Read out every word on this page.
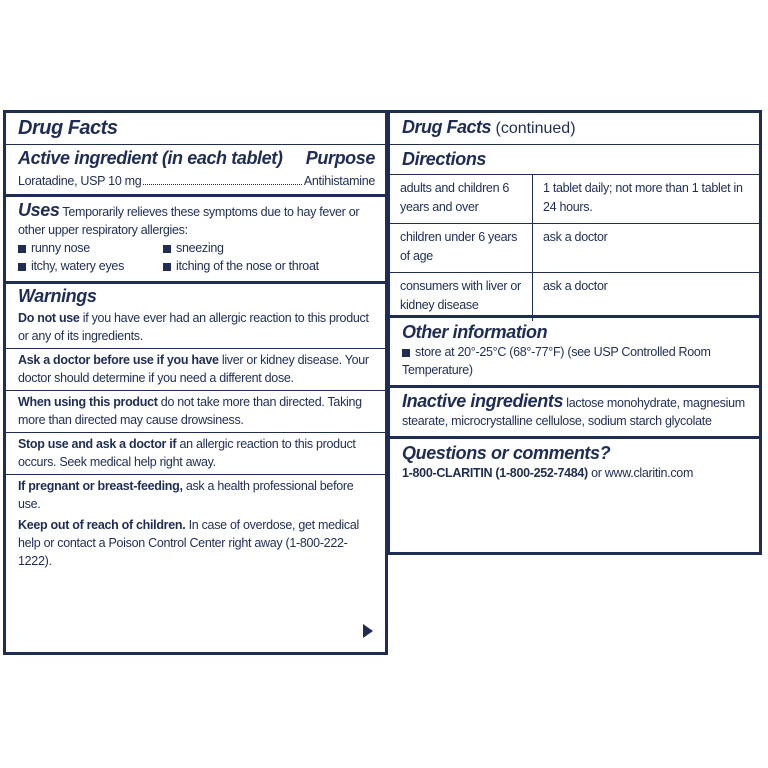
Drug Facts
Active ingredient (in each tablet) Purpose
Loratadine, USP 10 mg	Antihistamine
Uses Temporarily relieves these symptoms due to hay fever or other upper respiratory allergies:
runny nose	sneezing
itchy, watery eyes	itching of the nose or throat
Warnings
Do not use if you have ever had an allergic reaction to this product or any of its ingredients.
Ask a doctor before use if you have liver or kidney disease. Your doctor should determine if you need a different dose.
When using this product do not take more than directed. Taking more than directed may cause drowsiness.
Stop use and ask a doctor if an allergic reaction to this product occurs. Seek medical help right away.
If pregnant or breast-feeding, ask a health professional before use.
Keep out of reach of children. In case of overdose, get medical help or contact a Poison Control Center right away (1-800-222-1222).
Drug Facts (continued)
Directions
adults and children 6 years and over	1 tablet daily; not more than 1 tablet in 24 hours.
children under 6 years of age	ask a doctor
consumers with liver or kidney disease	ask a doctor
Other information
store at 20°-25°C (68°-77°F) (see USP Controlled Room Temperature)
Inactive ingredients lactose monohydrate, magnesium stearate, microcrystalline cellulose, sodium starch glycolate
Questions or comments?
1-800-CLARITIN (1-800-252-7484) or www.claritin.com
